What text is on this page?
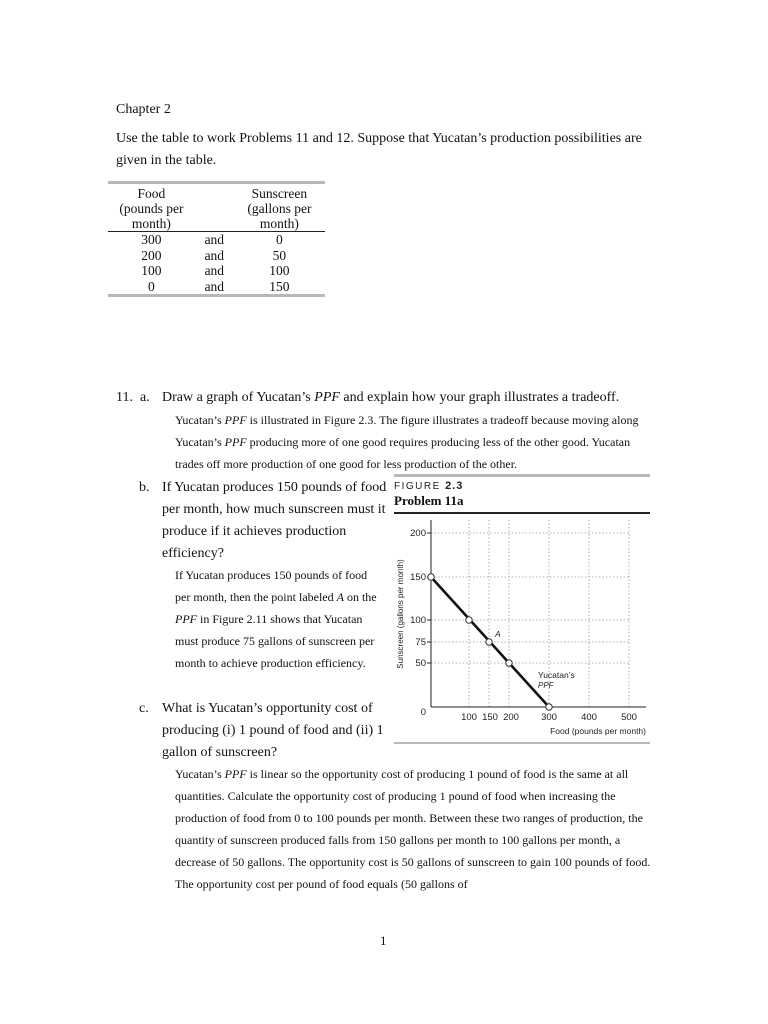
Chapter 2
Use the table to work Problems 11 and 12. Suppose that Yucatan’s production possibilities are given in the table.
Food
(pounds per
month)		Sunscreen
(gallons per
month)
300	and	0
200	and	50
100	and	100
0	and	150
11. a. Draw a graph of Yucatan’s PPF and explain how your graph illustrates a tradeoff.
Yucatan’s PPF is illustrated in Figure 2.3. The figure illustrates a tradeoff because moving along Yucatan’s PPF producing more of one good requires producing less of the other good. Yucatan trades off more production of one good for less production of the other.
b. If Yucatan produces 150 pounds of food per month, how much sunscreen must it produce if it achieves production efficiency?
If Yucatan produces 150 pounds of food per month, then the point labeled A on the PPF in Figure 2.11 shows that Yucatan must produce 75 gallons of sunscreen per month to achieve production efficiency.
c. What is Yucatan’s opportunity cost of producing (i) 1 pound of food and (ii) 1 gallon of sunscreen?
Yucatan’s PPF is linear so the opportunity cost of producing 1 pound of food is the same at all quantities. Calculate the opportunity cost of producing 1 pound of food when increasing the production of food from 0 to 100 pounds per month. Between these two ranges of production, the quantity of sunscreen produced falls from 150 gallons per month to 100 gallons per month, a decrease of 50 gallons. The opportunity cost is 50 gallons of sunscreen to gain 100 pounds of food. The opportunity cost per pound of food equals (50 gallons of
FIGURE 2.3
Problem 11a
200
150
100
75
50
0	100 150 200 300	400	500
Food (pounds per month)
Sunscreen (gallons per month)	A
Yucatan’s
PPF
1
